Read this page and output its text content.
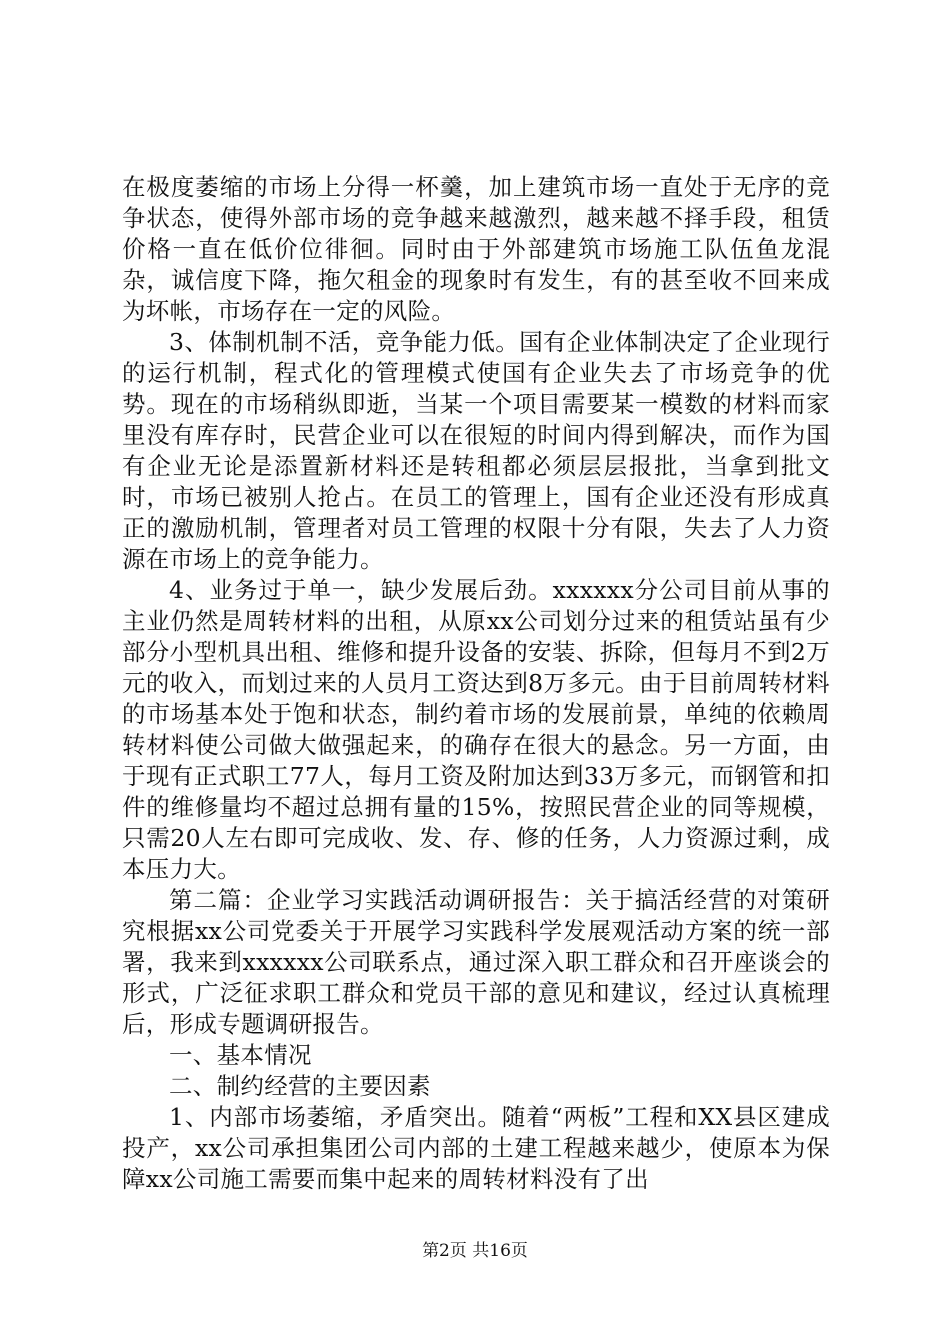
在极度萎缩的市场上分得一杯羹，加上建筑市场一直处于无序的竞争状态，使得外部市场的竞争越来越激烈，越来越不择手段，租赁价格一直在低价位徘徊。同时由于外部建筑市场施工队伍鱼龙混杂，诚信度下降，拖欠租金的现象时有发生，有的甚至收不回来成为坏帐，市场存在一定的风险。

3、体制机制不活，竞争能力低。国有企业体制决定了企业现行的运行机制，程式化的管理模式使国有企业失去了市场竞争的优势。现在的市场稍纵即逝，当某一个项目需要某一模数的材料而家里没有库存时，民营企业可以在很短的时间内得到解决，而作为国有企业无论是添置新材料还是转租都必须层层报批，当拿到批文时，市场已被别人抢占。在员工的管理上，国有企业还没有形成真正的激励机制，管理者对员工管理的权限十分有限，失去了人力资源在市场上的竞争能力。

4、业务过于单一，缺少发展后劲。xxxxxx分公司目前从事的主业仍然是周转材料的出租，从原xx公司划分过来的租赁站虽有少部分小型机具出租、维修和提升设备的安装、拆除，但每月不到2万元的收入，而划过来的人员月工资达到8万多元。由于目前周转材料的市场基本处于饱和状态，制约着市场的发展前景，单纯的依赖周转材料使公司做大做强起来，的确存在很大的悬念。另一方面，由于现有正式职工77人，每月工资及附加达到33万多元，而钢管和扣件的维修量均不超过总拥有量的15%，按照民营企业的同等规模，只需20人左右即可完成收、发、存、修的任务，人力资源过剩，成本压力大。

第二篇：企业学习实践活动调研报告：关于搞活经营的对策研究根据xx公司党委关于开展学习实践科学发展观活动方案的统一部署，我来到xxxxxx公司联系点，通过深入职工群众和召开座谈会的形式，广泛征求职工群众和党员干部的意见和建议，经过认真梳理后，形成专题调研报告。

一、基本情况

二、制约经营的主要因素

1、内部市场萎缩，矛盾突出。随着“两板”工程和XX县区建成投产，xx公司承担集团公司内部的土建工程越来越少，使原本为保障xx公司施工需要而集中起来的周转材料没有了出

第2页 共16页
